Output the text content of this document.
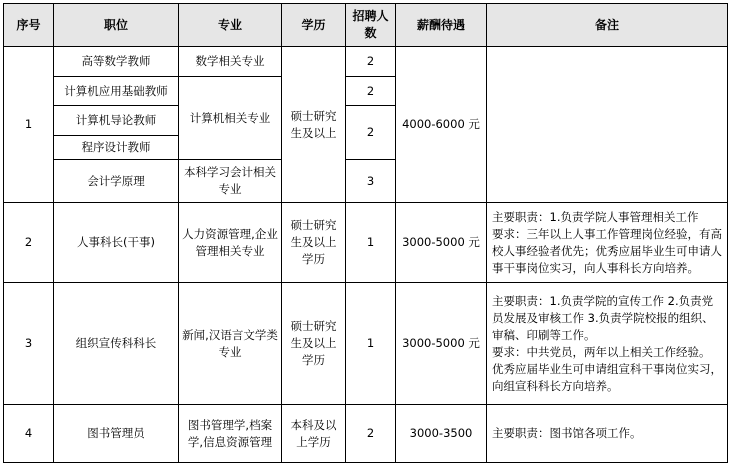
序号	职位	专业	学历	招聘人数	薪酬待遇	备注
1	高等数学教师	数学相关专业	硕士研究生及以上	2	4000-6000 元	
	计算机应用基础教师	计算机相关专业		2		
	计算机导论教师			2		
	程序设计教师					
	会计学原理	本科学习会计相关专业		3		
2	人事科长(干事)	人力资源管理,企业管理相关专业	硕士研究生及以上学历	1	3000-5000 元	主要职责：1.负责学院人事管理相关工作
要求：三年以上人事工作管理岗位经验，有高校人事经验者优先；优秀应届毕业生可申请人事干事岗位实习，向人事科长方向培养。

3	组织宣传科科长	新闻,汉语言文学类专业	硕士研究生及以上学历	1	3000-5000 元	主要职责：1.负责学院的宣传工作 2.负责党员发展及审核工作 3.负责学院校报的组织、审稿、印刷等工作。
要求：中共党员，两年以上相关工作经验。
优秀应届毕业生可申请组宣科干事岗位实习，向组宣科科长方向培养。

4	图书管理员	图书管理学,档案学,信息资源管理	本科及以上学历	2	3000-3500	主要职责：图书馆各项工作。
